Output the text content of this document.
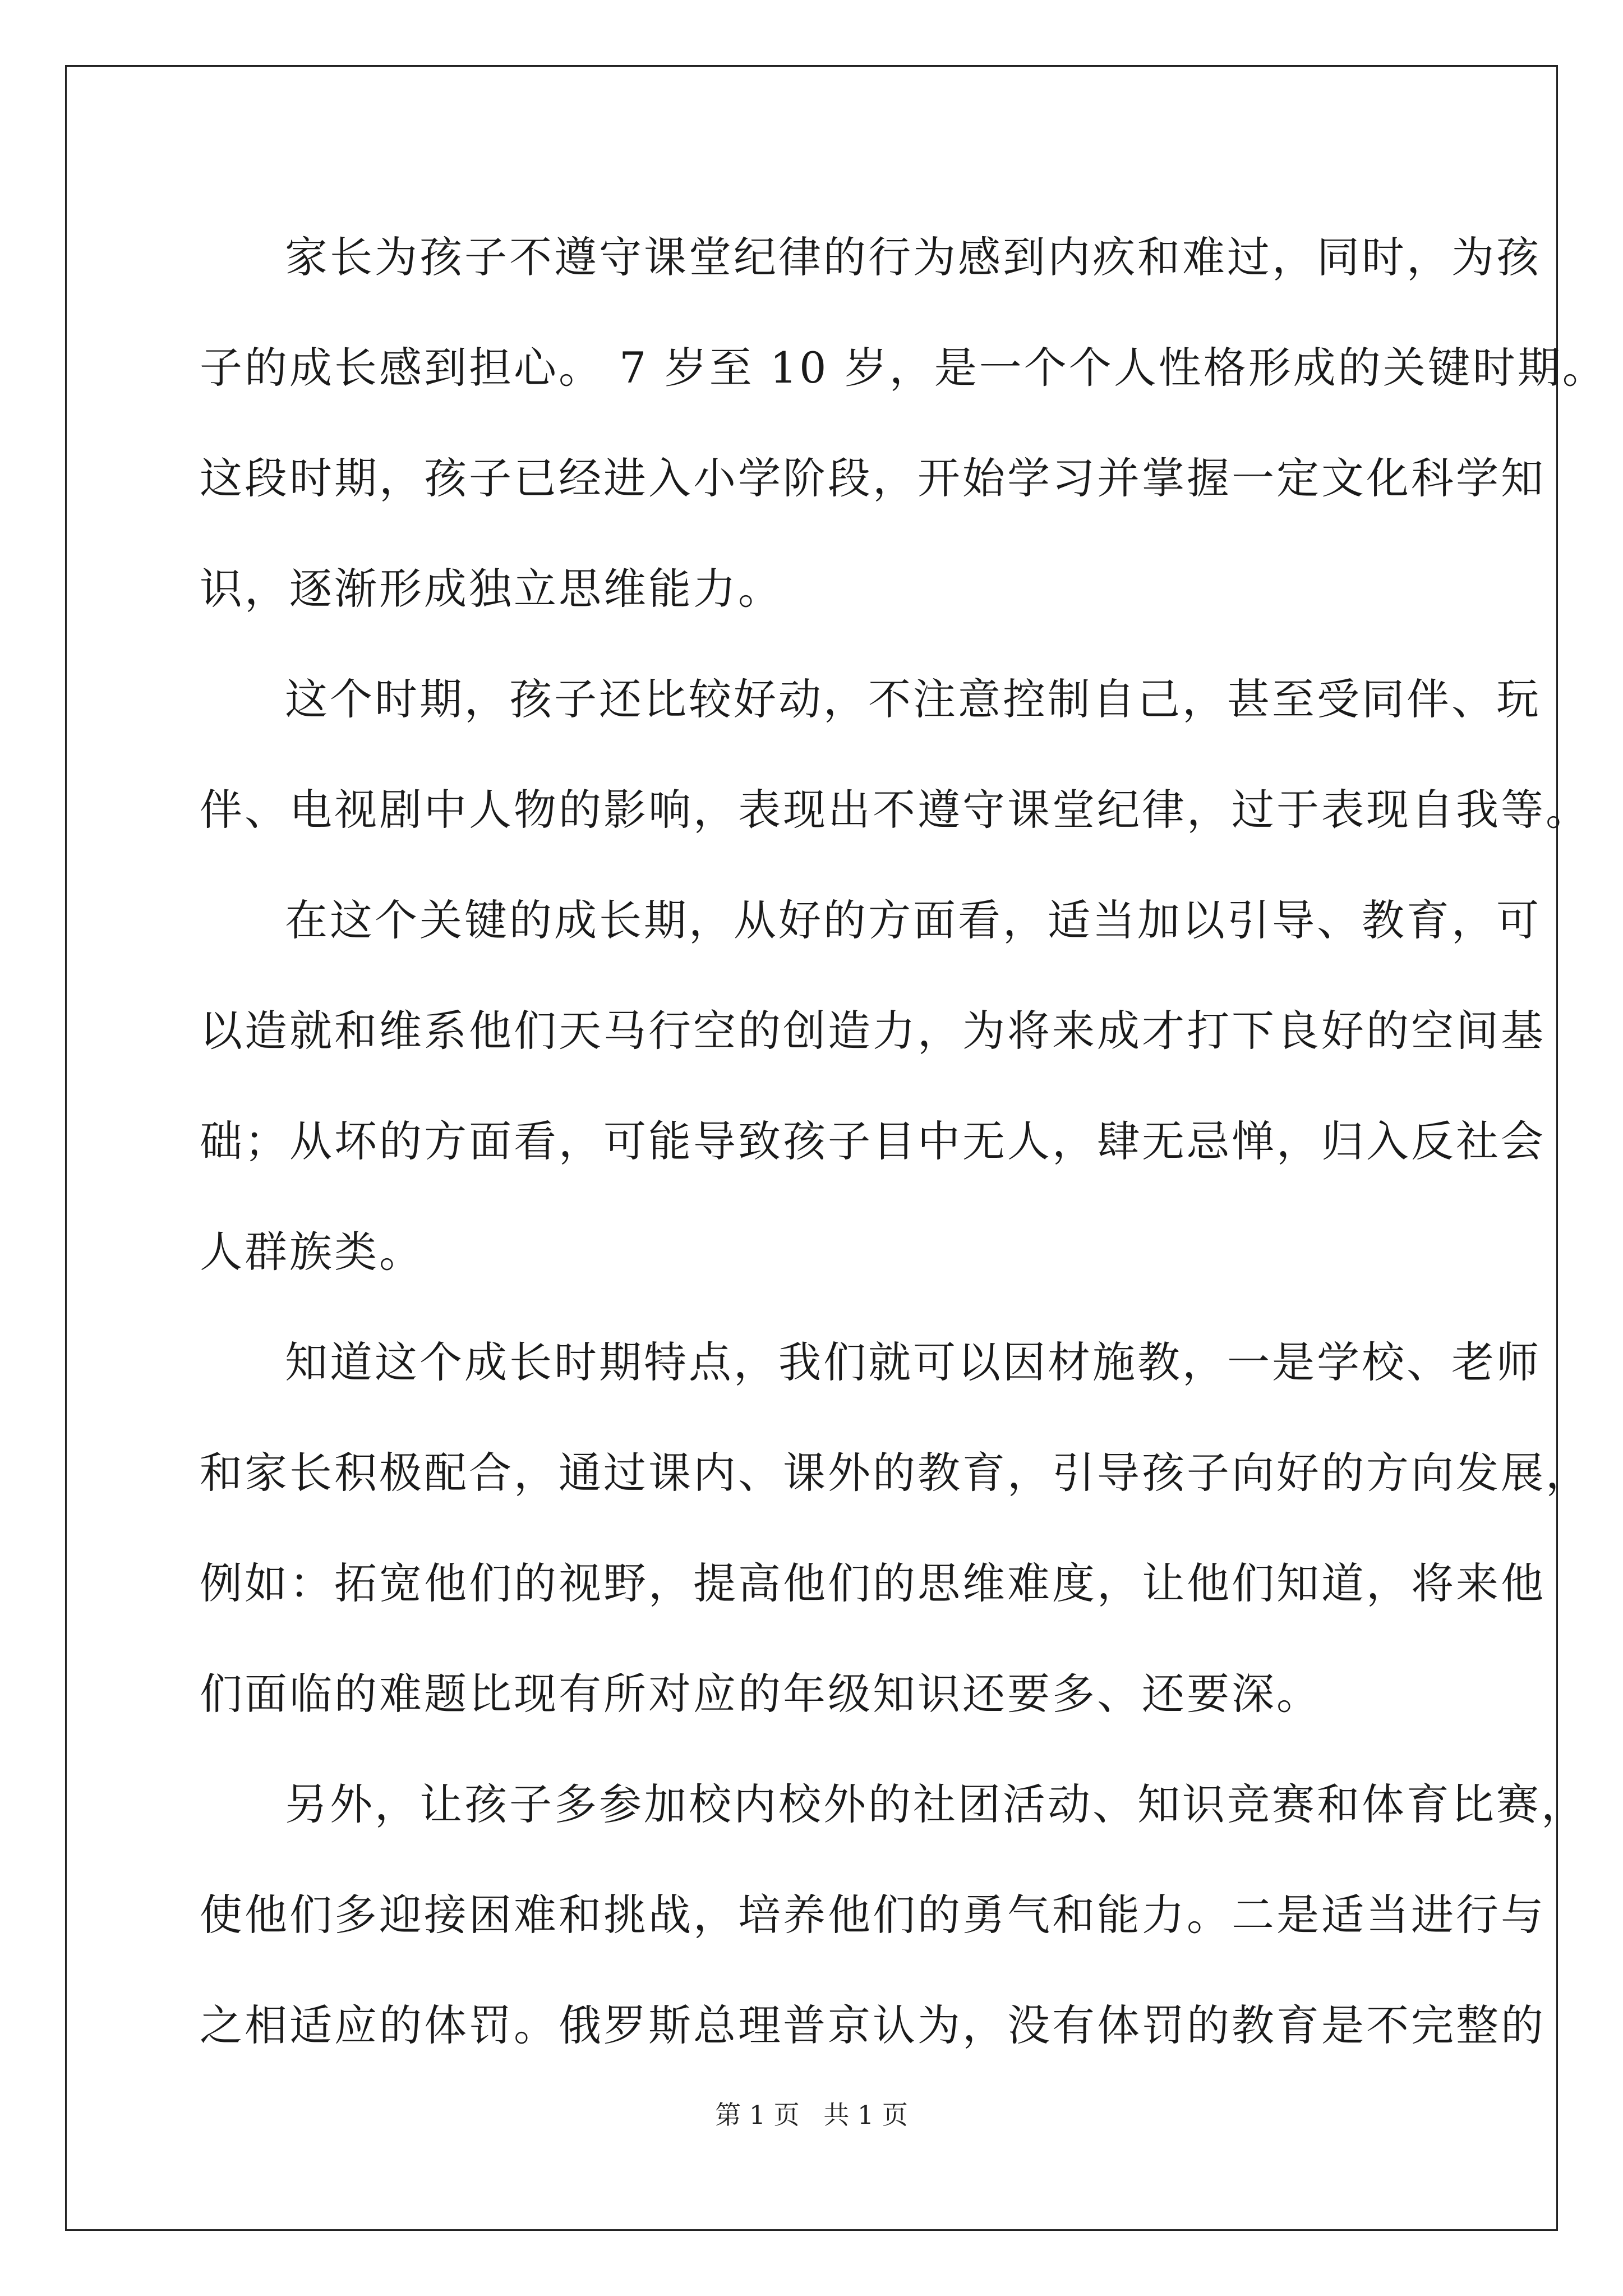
家长为孩子不遵守课堂纪律的行为感到内疚和难过，同时，为孩
子的成长感到担心。 7 岁至 10 岁，是一个个人性格形成的关键时期。
这段时期，孩子已经进入小学阶段，开始学习并掌握一定文化科学知
识，逐渐形成独立思维能力。
这个时期，孩子还比较好动，不注意控制自己，甚至受同伴、玩
伴、电视剧中人物的影响，表现出不遵守课堂纪律，过于表现自我等。
在这个关键的成长期，从好的方面看，适当加以引导、教育，可
以造就和维系他们天马行空的创造力，为将来成才打下良好的空间基
础；从坏的方面看，可能导致孩子目中无人，肆无忌惮，归入反社会
人群族类。
知道这个成长时期特点，我们就可以因材施教，一是学校、老师
和家长积极配合，通过课内、课外的教育，引导孩子向好的方向发展，
例如：拓宽他们的视野，提高他们的思维难度，让他们知道，将来他
们面临的难题比现有所对应的年级知识还要多、还要深。
另外，让孩子多参加校内校外的社团活动、知识竞赛和体育比赛，
使他们多迎接困难和挑战，培养他们的勇气和能力。二是适当进行与
之相适应的体罚。俄罗斯总理普京认为，没有体罚的教育是不完整的
第 1 页 共 1 页
